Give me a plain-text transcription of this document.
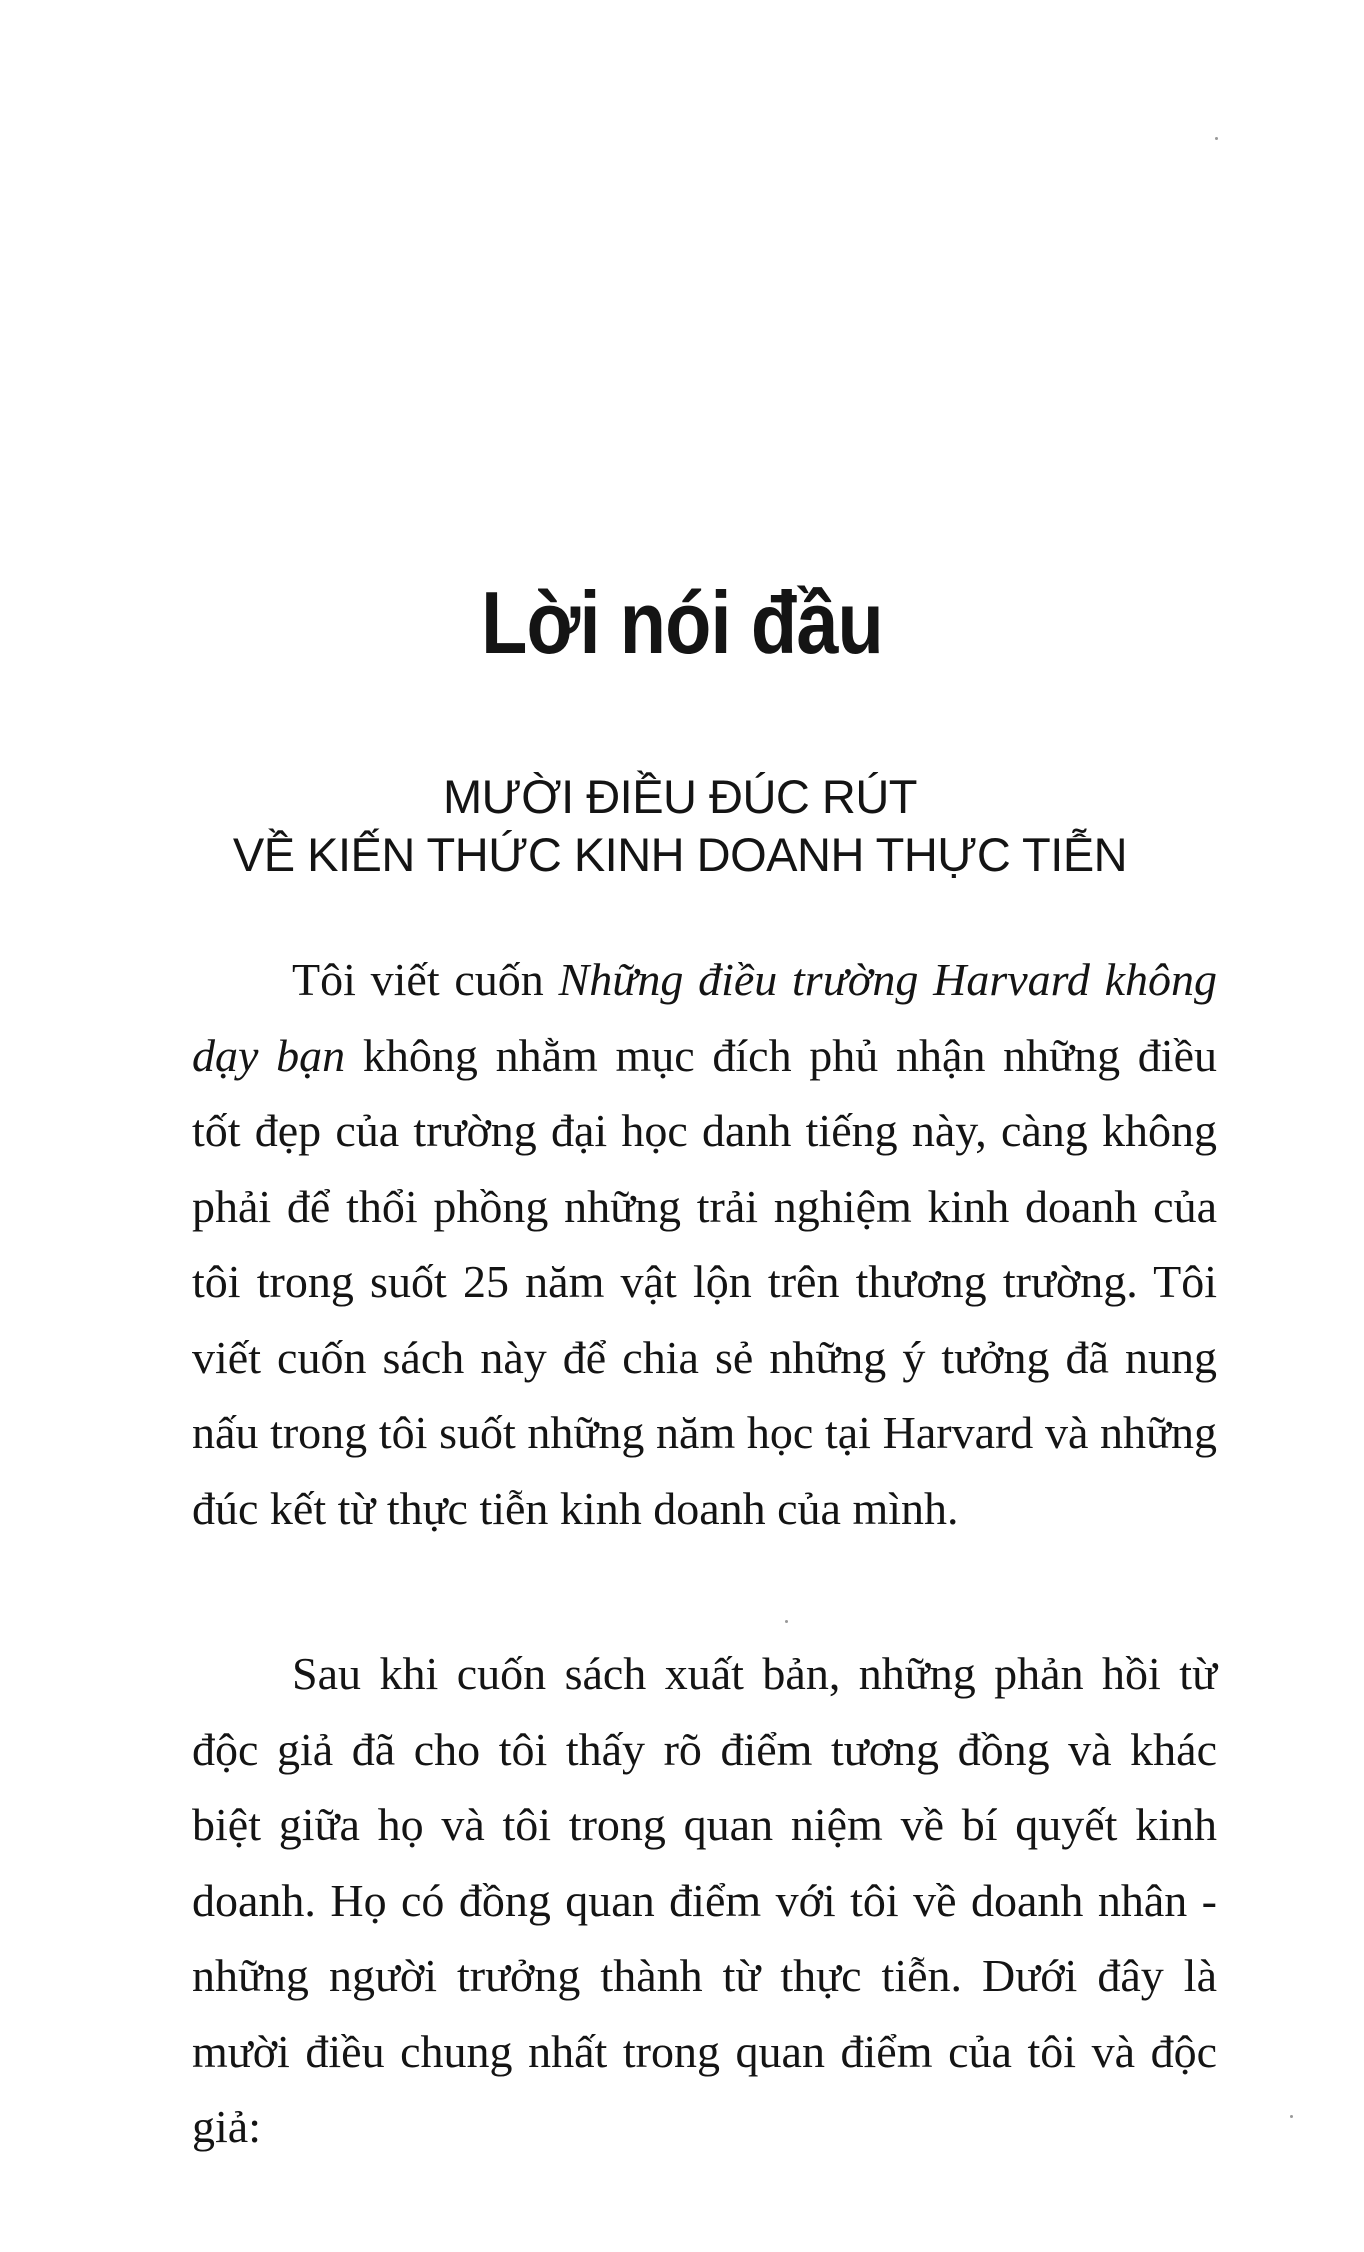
Lời nói đầu
MƯỜI ĐIỀU ĐÚC RÚT
VỀ KIẾN THỨC KINH DOANH THỰC TIỄN

Tôi viết cuốn Những điều trường Harvard không dạy bạn không nhằm mục đích phủ nhận những điều tốt đẹp của trường đại học danh tiếng này, càng không phải để thổi phồng những trải nghiệm kinh doanh của tôi trong suốt 25 năm vật lộn trên thương trường. Tôi viết cuốn sách này để chia sẻ những ý tưởng đã nung nấu trong tôi suốt những năm học tại Harvard và những đúc kết từ thực tiễn kinh doanh của mình.

Sau khi cuốn sách xuất bản, những phản hồi từ độc giả đã cho tôi thấy rõ điểm tương đồng và khác biệt giữa họ và tôi trong quan niệm về bí quyết kinh doanh. Họ có đồng quan điểm với tôi về doanh nhân - những người trưởng thành từ thực tiễn. Dưới đây là mười điều chung nhất trong quan điểm của tôi và độc giả:
